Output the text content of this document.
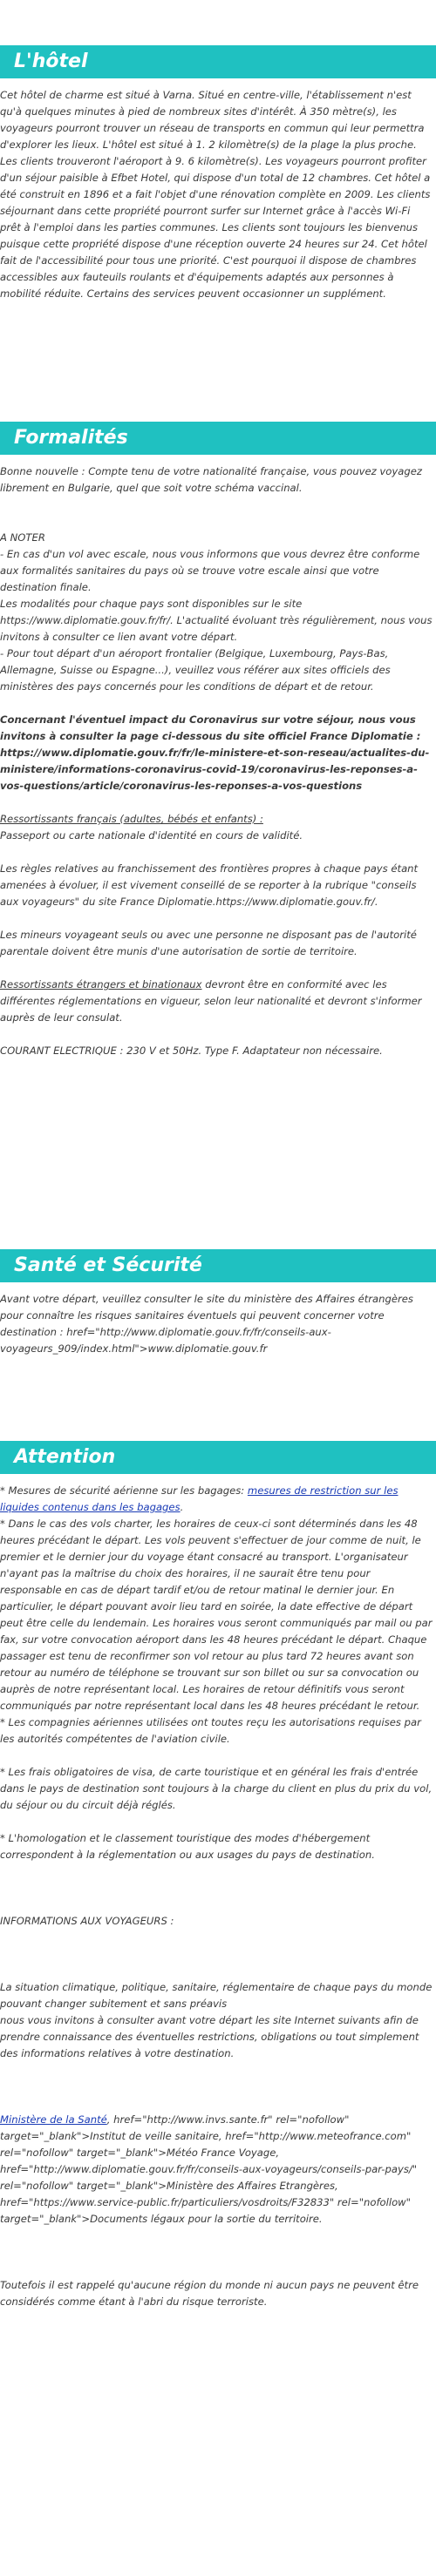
L'hôtel

Cet hôtel de charme est situé à Varna. Situé en centre-ville, l'établissement n'est qu'à quelques minutes à pied de nombreux sites d'intérêt. À 350 mètre(s), les voyageurs pourront trouver un réseau de transports en commun qui leur permettra d'explorer les lieux. L'hôtel est situé à 1. 2 kilomètre(s) de la plage la plus proche. Les clients trouveront l'aéroport à 9. 6 kilomètre(s). Les voyageurs pourront profiter d'un séjour paisible à Efbet Hotel, qui dispose d'un total de 12 chambres. Cet hôtel a été construit en 1896 et a fait l'objet d'une rénovation complète en 2009. Les clients séjournant dans cette propriété pourront surfer sur Internet grâce à l'accès Wi-Fi prêt à l'emploi dans les parties communes. Les clients sont toujours les bienvenus puisque cette propriété dispose d'une réception ouverte 24 heures sur 24. Cet hôtel fait de l'accessibilité pour tous une priorité. C'est pourquoi il dispose de chambres accessibles aux fauteuils roulants et d'équipements adaptés aux personnes à mobilité réduite. Certains des services peuvent occasionner un supplément.

Formalités

Bonne nouvelle : Compte tenu de votre nationalité française, vous pouvez voyagez librement en Bulgarie, quel que soit votre schéma vaccinal.

A NOTER

- En cas d'un vol avec escale, nous vous informons que vous devrez être conforme aux formalités sanitaires du pays où se trouve votre escale ainsi que votre destination finale.

Les modalités pour chaque pays sont disponibles sur le site https://www.diplomatie.gouv.fr/fr/. L'actualité évoluant très régulièrement, nous vous invitons à consulter ce lien avant votre départ.

- Pour tout départ d'un aéroport frontalier (Belgique, Luxembourg, Pays-Bas, Allemagne, Suisse ou Espagne...), veuillez vous référer aux sites officiels des ministères des pays concernés pour les conditions de départ et de retour.

Concernant l'éventuel impact du Coronavirus sur votre séjour, nous vous invitons à consulter la page ci-dessous du site officiel France Diplomatie : https://www.diplomatie.gouv.fr/fr/le-ministere-et-son-reseau/actualites-du-ministere/informations-coronavirus-covid-19/coronavirus-les-reponses-a-vos-questions/article/coronavirus-les-reponses-a-vos-questions

Ressortissants français (adultes, bébés et enfants) :

Passeport ou carte nationale d'identité en cours de validité.

Les règles relatives au franchissement des frontières propres à chaque pays étant amenées à évoluer, il est vivement conseillé de se reporter à la rubrique "conseils aux voyageurs" du site France Diplomatie.https://www.diplomatie.gouv.fr/.

Les mineurs voyageant seuls ou avec une personne ne disposant pas de l'autorité parentale doivent être munis d'une autorisation de sortie de territoire.

Ressortissants étrangers et binationaux devront être en conformité avec les différentes réglementations en vigueur, selon leur nationalité et devront s'informer auprès de leur consulat.

COURANT ELECTRIQUE : 230 V et 50Hz. Type F. Adaptateur non nécessaire.

Santé et Sécurité

Avant votre départ, veuillez consulter le site du ministère des Affaires étrangères pour connaître les risques sanitaires éventuels qui peuvent concerner votre destination : href="http://www.diplomatie.gouv.fr/fr/conseils-aux-voyageurs_909/index.html">www.diplomatie.gouv.fr

Attention

* Mesures de sécurité aérienne sur les bagages: mesures de restriction sur les liquides contenus dans les bagages.

* Dans le cas des vols charter, les horaires de ceux-ci sont déterminés dans les 48 heures précédant le départ. Les vols peuvent s'effectuer de jour comme de nuit, le premier et le dernier jour du voyage étant consacré au transport. L'organisateur n'ayant pas la maîtrise du choix des horaires, il ne saurait être tenu pour responsable en cas de départ tardif et/ou de retour matinal le dernier jour. En particulier, le départ pouvant avoir lieu tard en soirée, la date effective de départ peut être celle du lendemain. Les horaires vous seront communiqués par mail ou par fax, sur votre convocation aéroport dans les 48 heures précédant le départ. Chaque passager est tenu de reconfirmer son vol retour au plus tard 72 heures avant son retour au numéro de téléphone se trouvant sur son billet ou sur sa convocation ou auprès de notre représentant local. Les horaires de retour définitifs vous seront communiqués par notre représentant local dans les 48 heures précédant le retour.

* Les compagnies aériennes utilisées ont toutes reçu les autorisations requises par les autorités compétentes de l'aviation civile.

* Les frais obligatoires de visa, de carte touristique et en général les frais d'entrée dans le pays de destination sont toujours à la charge du client en plus du prix du vol, du séjour ou du circuit déjà réglés.

* L'homologation et le classement touristique des modes d'hébergement correspondent à la réglementation ou aux usages du pays de destination.

INFORMATIONS AUX VOYAGEURS :

La situation climatique, politique, sanitaire, réglementaire de chaque pays du monde pouvant changer subitement et sans préavis

nous vous invitons à consulter avant votre départ les site Internet suivants afin de prendre connaissance des éventuelles restrictions, obligations ou tout simplement des informations relatives à votre destination.

Ministère de la Santé, href="http://www.invs.sante.fr" rel="nofollow" target="_blank">Institut de veille sanitaire, href="http://www.meteofrance.com" rel="nofollow" target="_blank">Météo France Voyage, href="http://www.diplomatie.gouv.fr/fr/conseils-aux-voyageurs/conseils-par-pays/" rel="nofollow" target="_blank">Ministère des Affaires Etrangères, href="https://www.service-public.fr/particuliers/vosdroits/F32833" rel="nofollow" target="_blank">Documents légaux pour la sortie du territoire.

Toutefois il est rappelé qu'aucune région du monde ni aucun pays ne peuvent être considérés comme étant à l'abri du risque terroriste.
